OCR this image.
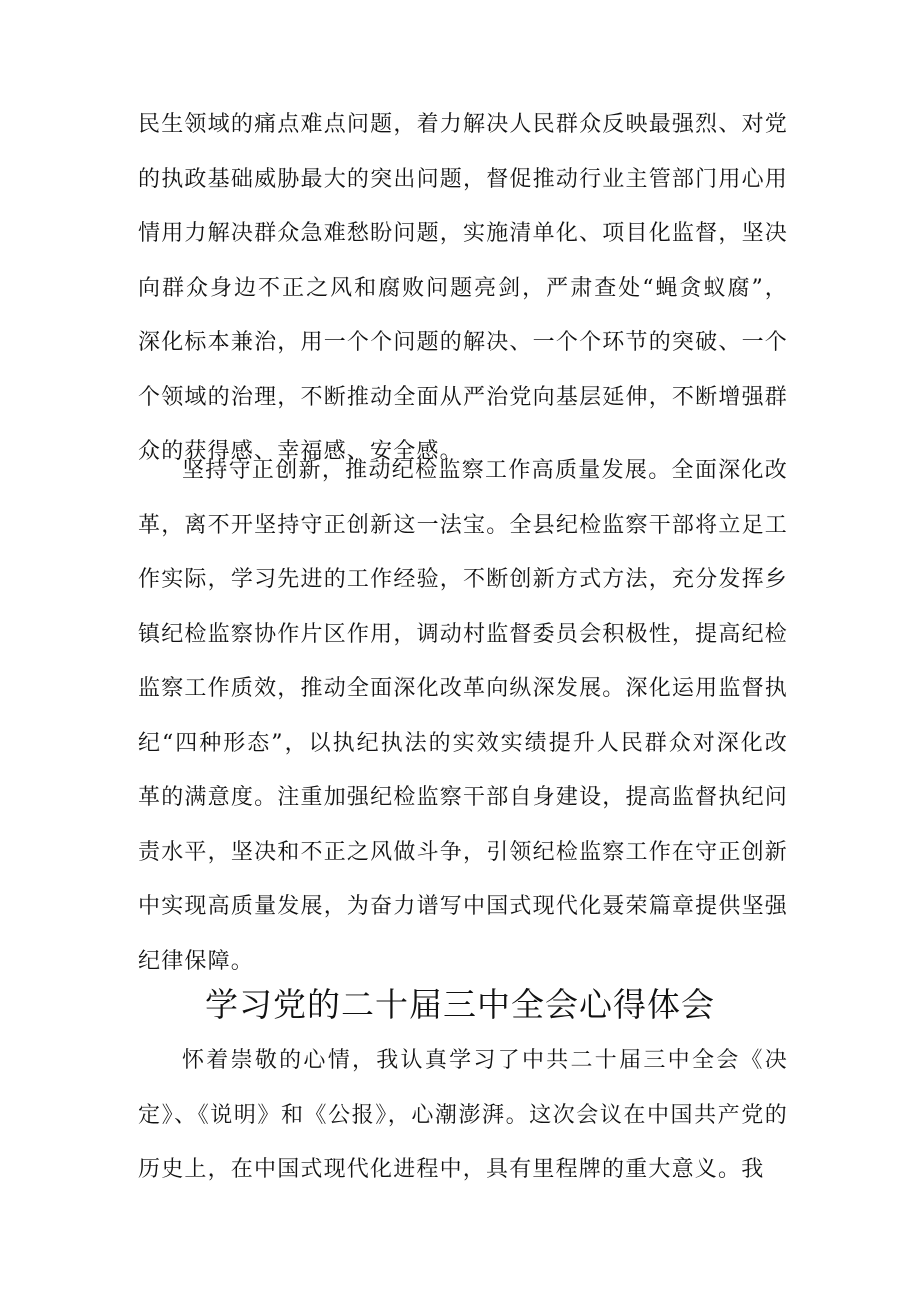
民生领域的痛点难点问题，着力解决人民群众反映最强烈、对党的执政基础威胁最大的突出问题，督促推动行业主管部门用心用情用力解决群众急难愁盼问题，实施清单化、项目化监督，坚决向群众身边不正之风和腐败问题亮剑，严肃查处“蝇贪蚁腐”，深化标本兼治，用一个个问题的解决、一个个环节的突破、一个个领域的治理，不断推动全面从严治党向基层延伸，不断增强群众的获得感、幸福感、安全感。

坚持守正创新，推动纪检监察工作高质量发展。全面深化改革，离不开坚持守正创新这一法宝。全县纪检监察干部将立足工作实际，学习先进的工作经验，不断创新方式方法，充分发挥乡镇纪检监察协作片区作用，调动村监督委员会积极性，提高纪检监察工作质效，推动全面深化改革向纵深发展。深化运用监督执纪“四种形态”，以执纪执法的实效实绩提升人民群众对深化改革的满意度。注重加强纪检监察干部自身建设，提高监督执纪问责水平，坚决和不正之风做斗争，引领纪检监察工作在守正创新中实现高质量发展，为奋力谱写中国式现代化聂荣篇章提供坚强纪律保障。

学习党的二十届三中全会心得体会

怀着崇敬的心情，我认真学习了中共二十届三中全会《决定》、《说明》和《公报》，心潮澎湃。这次会议在中国共产党的历史上，在中国式现代化进程中，具有里程牌的重大意义。我
